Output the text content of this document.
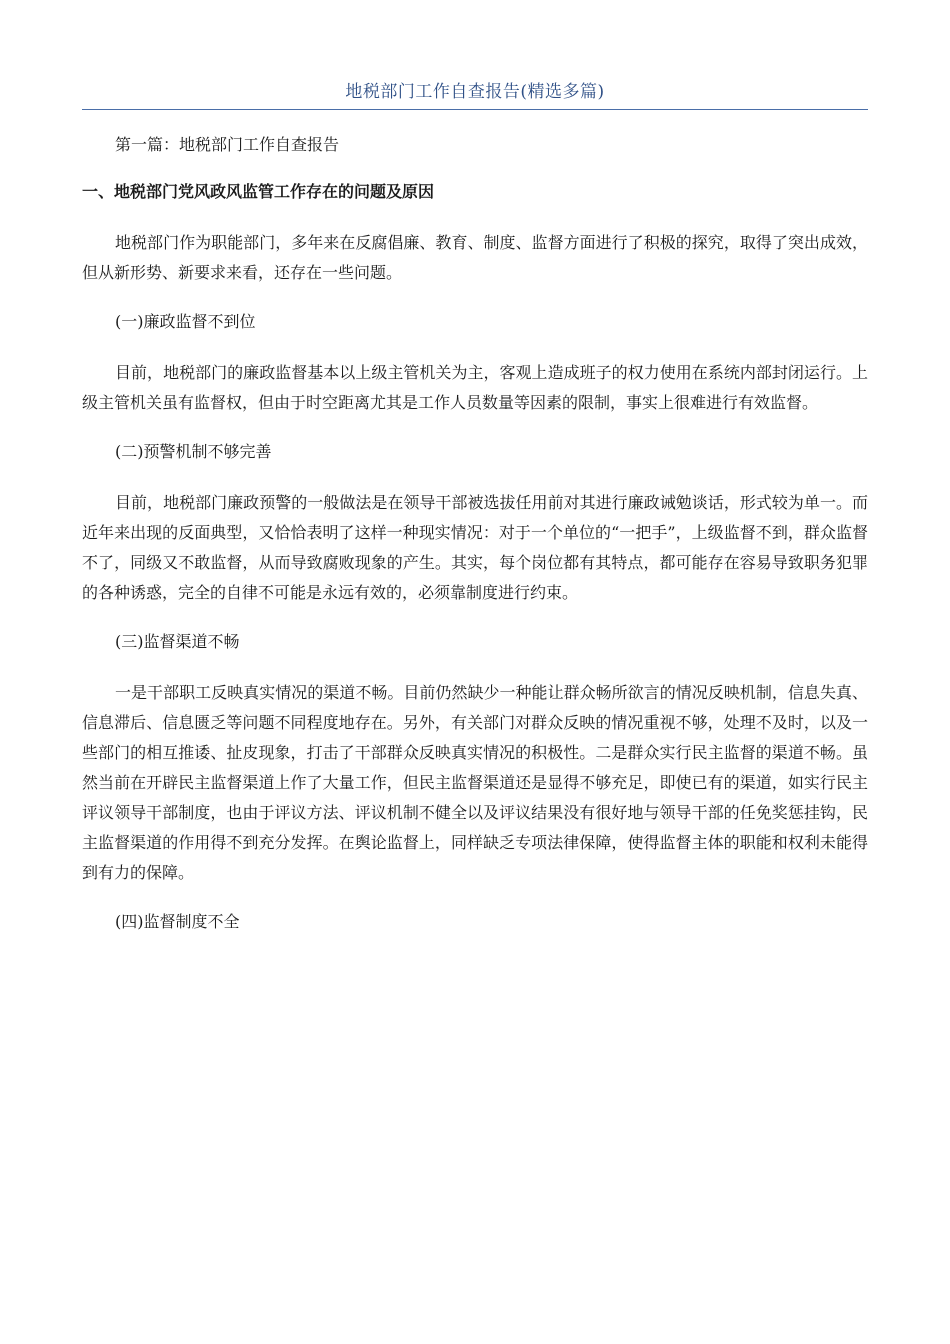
地税部门工作自查报告(精选多篇)
第一篇：地税部门工作自查报告
一、地税部门党风政风监管工作存在的问题及原因

地税部门作为职能部门，多年来在反腐倡廉、教育、制度、监督方面进行了积极的探究，取得了突出成效，但从新形势、新要求来看，还存在一些问题。

(一)廉政监督不到位

目前，地税部门的廉政监督基本以上级主管机关为主，客观上造成班子的权力使用在系统内部封闭运行。上级主管机关虽有监督权，但由于时空距离尤其是工作人员数量等因素的限制，事实上很难进行有效监督。

(二)预警机制不够完善

目前，地税部门廉政预警的一般做法是在领导干部被选拔任用前对其进行廉政诫勉谈话，形式较为单一。而近年来出现的反面典型，又恰恰表明了这样一种现实情况：对于一个单位的“一把手”，上级监督不到，群众监督不了，同级又不敢监督，从而导致腐败现象的产生。其实，每个岗位都有其特点，都可能存在容易导致职务犯罪的各种诱惑，完全的自律不可能是永远有效的，必须靠制度进行约束。

(三)监督渠道不畅

一是干部职工反映真实情况的渠道不畅。目前仍然缺少一种能让群众畅所欲言的情况反映机制，信息失真、信息滞后、信息匮乏等问题不同程度地存在。另外，有关部门对群众反映的情况重视不够，处理不及时，以及一些部门的相互推诿、扯皮现象，打击了干部群众反映真实情况的积极性。二是群众实行民主监督的渠道不畅。虽然当前在开辟民主监督渠道上作了大量工作，但民主监督渠道还是显得不够充足，即使已有的渠道，如实行民主评议领导干部制度，也由于评议方法、评议机制不健全以及评议结果没有很好地与领导干部的任免奖惩挂钩，民主监督渠道的作用得不到充分发挥。在舆论监督上，同样缺乏专项法律保障，使得监督主体的职能和权利未能得到有力的保障。

(四)监督制度不全
